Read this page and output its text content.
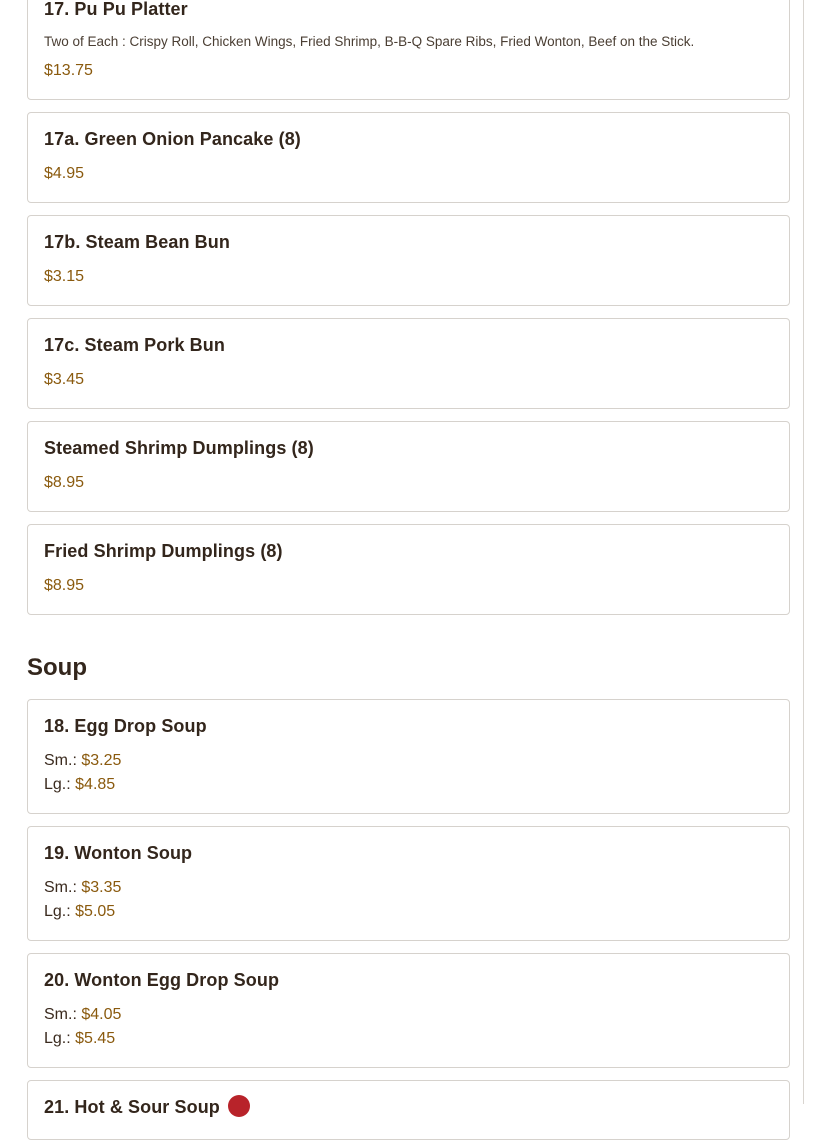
17. Pu Pu Platter
Two of Each : Crispy Roll, Chicken Wings, Fried Shrimp, B-B-Q Spare Ribs, Fried Wonton, Beef on the Stick.
$13.75
17a. Green Onion Pancake (8)
$4.95
17b. Steam Bean Bun
$3.15
17c. Steam Pork Bun
$3.45
Steamed Shrimp Dumplings (8)
$8.95
Fried Shrimp Dumplings (8)
$8.95
Soup
18. Egg Drop Soup
Sm.: $3.25
Lg.: $4.85
19. Wonton Soup
Sm.: $3.35
Lg.: $5.05
20. Wonton Egg Drop Soup
Sm.: $4.05
Lg.: $5.45
21. Hot & Sour Soup
